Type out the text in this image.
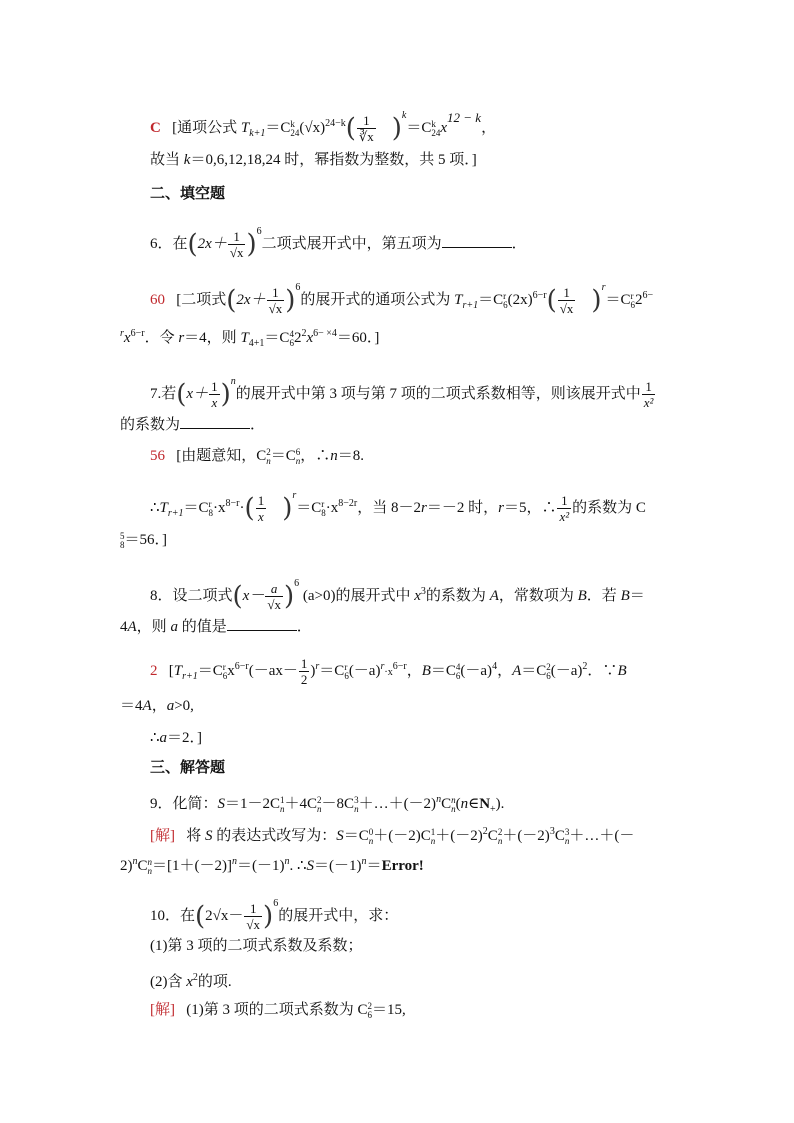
C [通项公式 $T_{k+1}=C$ k
24 $(√x)^{24-k}( \frac{1}{∛x} )^k=C$ k
24 $x^{12 - k}$，
故当 k＝0,6,12,18,24 时，幂指数为整数，共 5 项．]
二、填空题
6．在$(2x+ \frac{1}{√x} )^6$二项式展开式中，第五项为	．
60 [二项式$(2x+ \frac{1}{√x} )^6$的展开式的通项公式为 $T_{r+1}=C$ r
6 $(2x)^{6-r}( \frac{1}{√x} )^r=C$ r
6 $2^{6-}$
$^rx^{6-r}$．令 r＝4，则 $T_{4+1}=C$ 4
6 $2^2x^{6- \times 4}=60$．]
7.若$(x+ \frac{1}{x} )^n$的展开式中第 3 项与第 7 项的二项式系数相等，则该展开式中 $\frac{1}{\text{x²}}$
的系数为	．
56 [由题意知，C 2
n ＝C 6
n ，∴n＝8.
$\therefore T_{r+1}=C$ r
$8 \cdot x^{8-r}\cdot( \frac{1}{x} )^r=C$ r
$8 \cdot x^{8-2r}$，当 8－2r＝－2 时，r＝5，∴ $\frac{1}{\text{x²}}$ 的系数为 C
5
8 ＝56．]
8．设二项式$(x- \frac{a}{√x} )^6$ (a>0)的展开式中 $x^3$的系数为 A，常数项为 B．若 B＝
4A，则 a 的值是	．
2 [$T_{r+1}=C$ r
6 $x^{6-r}(-ax- \frac{1}{2} )^r=C$ r
6 $(-a)^r\cdot x^{6-r}$，B＝C 4
6 $(-a)^4$，A＝C 2
6 $(-a)^2$．∵B
＝4A，a>0,
∴a＝2．]
三、解答题
9．化简：S＝1－2C 1
n ＋4C 2
n －8C 3
$n +\dots+(-2)^nC$ n
n $(n\in N_+)$.
[解] 将 S 的表达式改写为：S＝C 0
n ＋(－2)C 1
$n +(-2)^2C$ 2
$n +(-2)^3C$ 3
n ＋…＋(－
2)$^n$C n
$n =[1+(-2)]^n=(-1)^n$. $\therefore S=(-1)^n=Error$!
10．在$(2√x- \frac{1}{√x} )^6$的展开式中，求：
(1)第 3 项的二项式系数及系数；
(2)含 $x^2$的项.
[解] (1)第 3 项的二项式系数为 C 2
6 ＝15,
